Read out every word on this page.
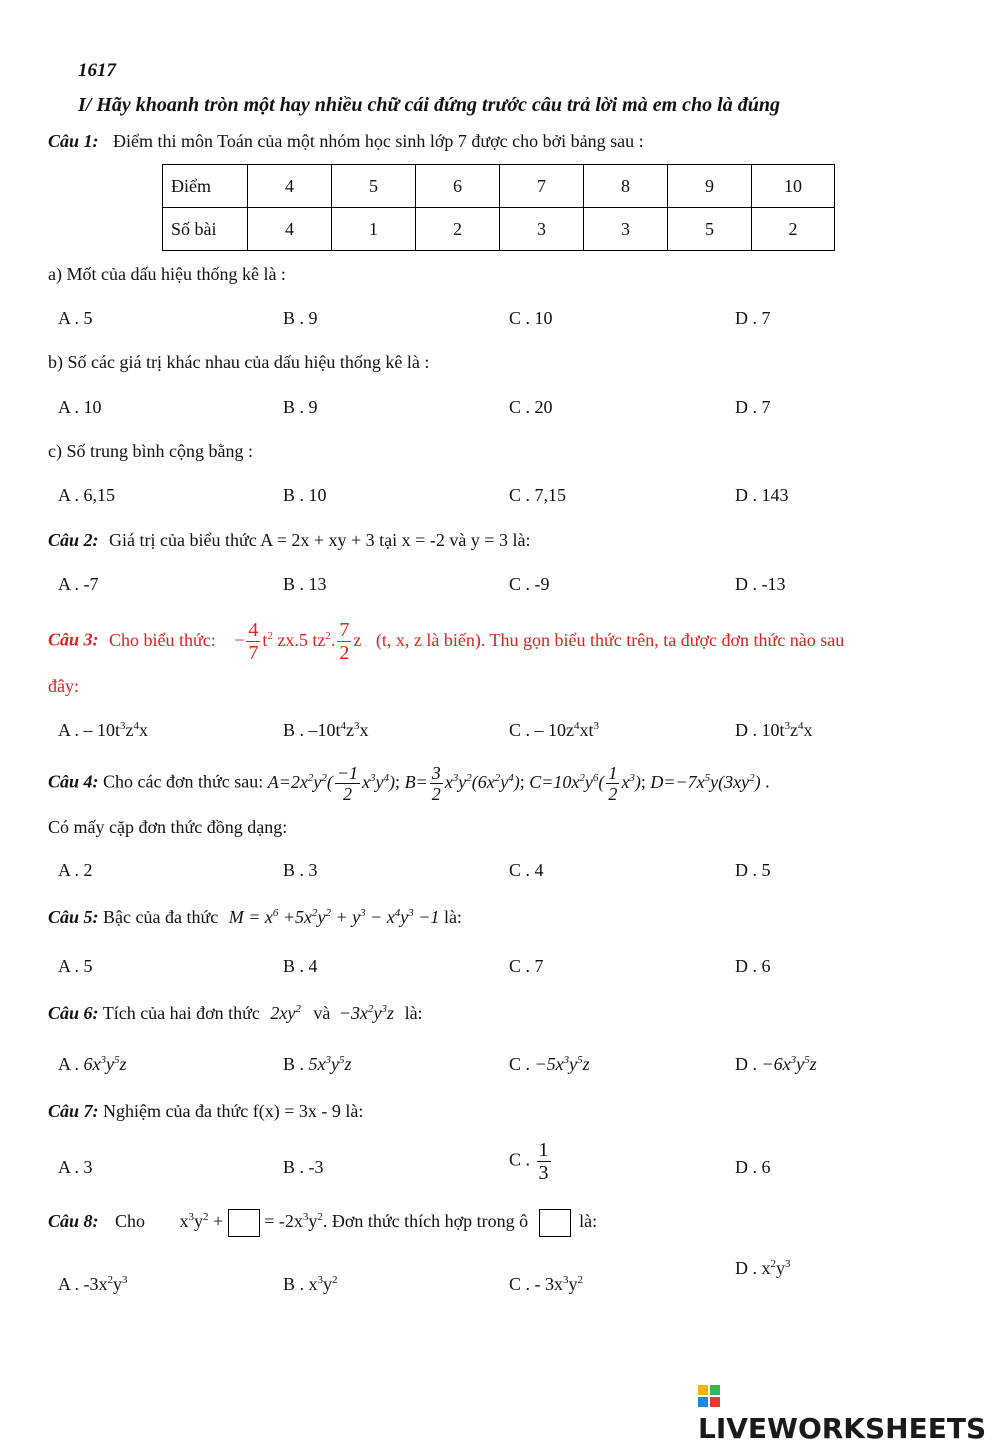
1617
I/ Hãy khoanh tròn một hay nhiều chữ cái đứng trước câu trả lời mà em cho là đúng
Câu 1: Điểm thi môn Toán của một nhóm học sinh lớp 7 được cho bởi bảng sau :
Điểm	4	5	6	7	8	9	10
Số bài	4	1	2	3	3	5	2
a) Mốt của dấu hiệu thống kê là :
A . 5	B . 9	C . 10	D . 7
b) Số các giá trị khác nhau của dấu hiệu thống kê là :
A . 10	B . 9	C . 20	D . 7
c) Số trung bình cộng bằng :
A . 6,15	B . 10	C . 7,15	D . 143
Câu 2: Giá trị của biểu thức A = 2x + xy + 3 tại x = -2 và y = 3 là:
A . -7	B . 13	C . -9	D . -13
Câu 3: Cho biểu thức: − $\frac{4}{7} t^2$ zx.5 $tz^2$. $\frac{7}{2}$ z (t, x, z là biến). Thu gọn biểu thức trên, ta được đơn thức nào sau
đây:
A . – $10t^3z^4x$	B . $-10t^4z^3x$	C . – $10z^4xt^3$	D . $10t^3z^4x$
Câu 4: Cho các đơn thức sau: $A=2x^2y^2( \frac{-1}{2} x^3y^4)$; $B= \frac{3}{2} x^3y^2(6x^2y^4)$; $C=10x^2y^6( \frac{1}{2} x^3)$; $D=-7x^5y(3xy^2)$ .
Có mấy cặp đơn thức đồng dạng:
A . 2	B . 3	C . 4	D . 5
Câu 5: Bậc của đa thức $M = x^6 +5x^2y^2 + y^3 - x^4y^3 -1$ là:
A . 5	B . 4	C . 7	D . 6
Câu 6: Tích của hai đơn thức $2xy^2$ và $-3x^2y^3z$ là:
A . $6x^3y^5z$	B . $5x^3y^5z$	C . $-5x^3y^5z$	D . $-6x^3y^5z$
Câu 7: Nghiệm của đa thức f(x) = 3x - 9 là:
A . 3	B . -3	C . $\frac{1}{3}$	D . 6
Câu 8: Cho $x^3y^2$ +  = $-2x^3y^2$. Đơn thức thích hợp trong ô	là:
A . $-3x^2y^3$	B . $x^3y^2$	C . - $3x^3y^2$
D . $x^2y^3$
LIVEWORKSHEETS
